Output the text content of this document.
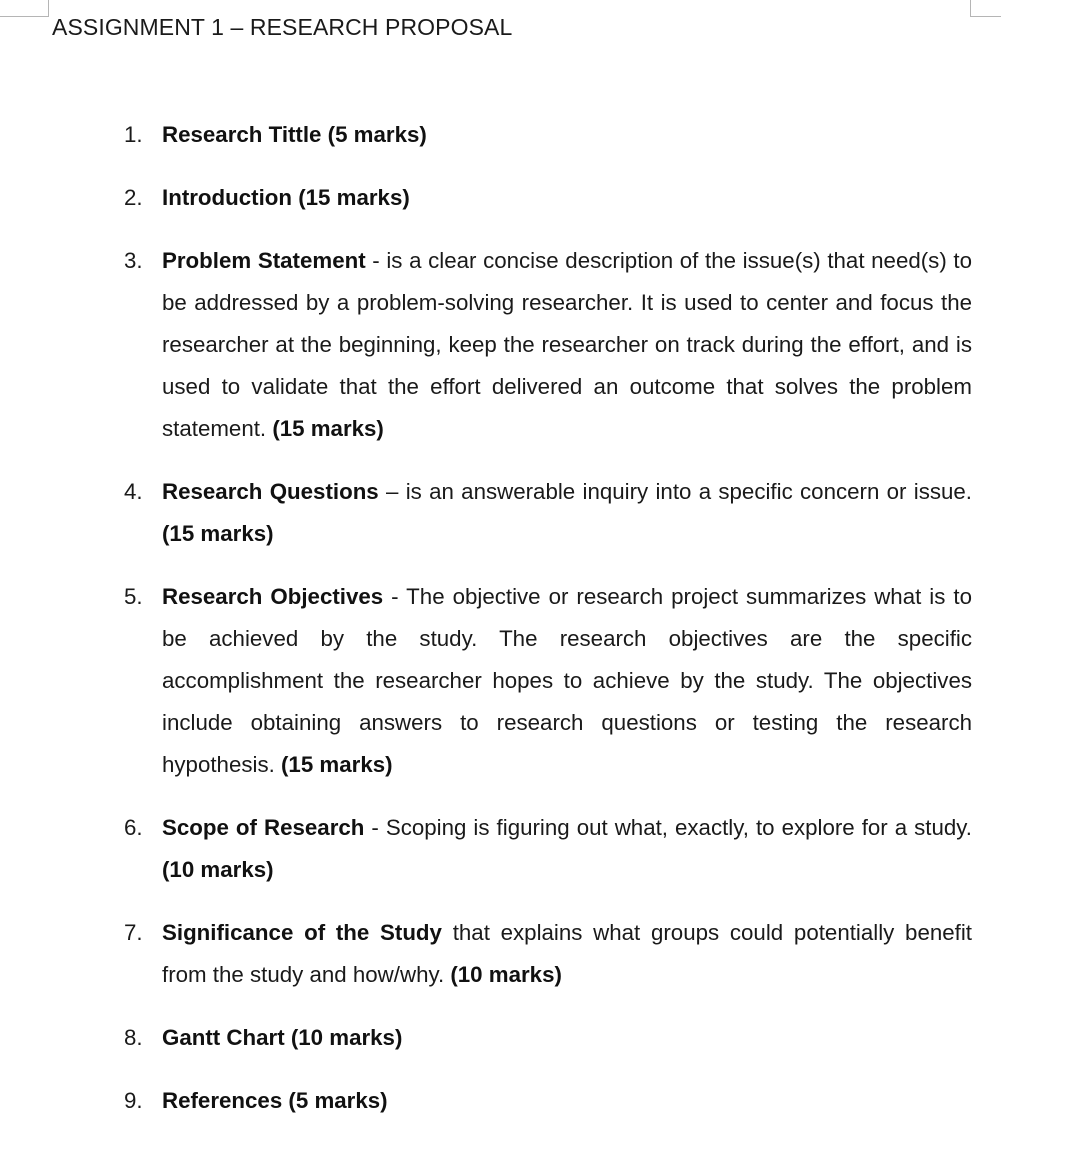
ASSIGNMENT 1 – RESEARCH PROPOSAL
1. Research Tittle (5 marks)
2. Introduction (15 marks)
3. Problem Statement - is a clear concise description of the issue(s) that need(s) to be addressed by a problem-solving researcher. It is used to center and focus the researcher at the beginning, keep the researcher on track during the effort, and is used to validate that the effort delivered an outcome that solves the problem statement. (15 marks)
4. Research Questions – is an answerable inquiry into a specific concern or issue. (15 marks)
5. Research Objectives - The objective or research project summarizes what is to be achieved by the study. The research objectives are the specific accomplishment the researcher hopes to achieve by the study. The objectives include obtaining answers to research questions or testing the research hypothesis. (15 marks)
6. Scope of Research - Scoping is figuring out what, exactly, to explore for a study. (10 marks)
7. Significance of the Study that explains what groups could potentially benefit from the study and how/why. (10 marks)
8. Gantt Chart (10 marks)
9. References (5 marks)
